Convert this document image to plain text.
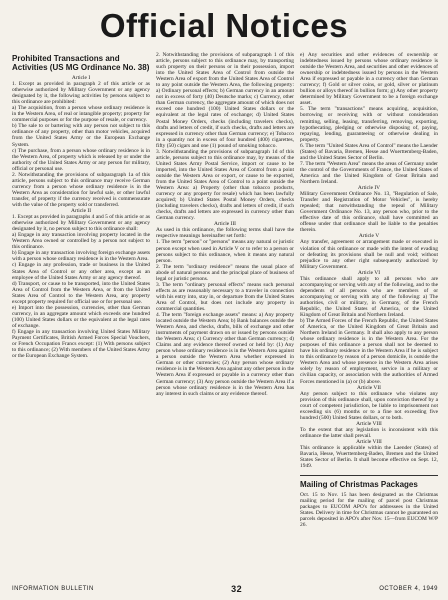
Official Notices
Prohibited Transactions and Activities (US MG Ordinance No. 38)

Article I

1. Except as provided in paragraph 2 of this article or as otherwise authorized by Military Government or any agency designated by it, the following activities by persons subject to this ordinance are prohibited:

a) The acquisition, from a person whose ordinary residence is in the Western Area, of real or intangible property; property for commercial purposes or for the purpose of resale, or currency.

b) The sale to or bartering with any person not subject to this ordinance of any property, other than motor vehicles, acquired from the United States Army or the European Exchange System.

c) The purchase, from a person whose ordinary residence is in the Western Area, of property which is released by or under the authority of the United States Army or any person for military, official or personal use.

2. Notwithstanding the provisions of subparagraph 1a of this article, persons subject to this ordinance may receive German currency from a person whose ordinary residence is in the Western Area as consideration for lawful sale, or other lawful transfer, of property if the currency received is commensurate with the value of the property sold or transferred.

Article II

1. Except as provided in paragraphs 4 and 5 of this article or as otherwise authorized by Military Government or any agency designated by it, no person subject to this ordinance shall:

a) Engage in any transaction involving property located in the Western Area owned or controlled by a person not subject to this ordinance.

b) Engage in any transaction involving foreign exchange assets with a person whose ordinary residence is in the Western Area.

c) Engage in any profession, trade or business in the United States Area of Control or any other area, except as an employee of the United States Army or any agency thereof.

d) Transport, or cause to be transported, into the United States Area of Control from the Western Area, or from the United States Area of Control to the Western Area, any property except property required for official use or for personal use.

e) Import into the possession, currencies, other than German currency, in an aggregate amount which exceeds one hundred (100) United States dollars or the equivalent at the legal rates of exchange.

f) Engage in any transaction involving United States Military Payment Certificates, British Armed Forces Special Vouchers, or French Occupation Francs except: (1) With persons subject to this ordinance; (2) With members of the United States Army or the European Exchange System.

2. Notwithstanding the provisions of subparagraph 1 of this article, persons subject to this ordinance may, by transporting such property on their persons or in their possession, import into the United States Area of Control from outside the Western Area of export from the United States Area of Control to any point outside the Western Area, the following property: a) Ordinary personal effects; b) German currency in an amount not in excess of forty (40) Deutsche marks; c) Currency, other than German currency, the aggregate amount of which does not exceed one hundred (100) United States dollars or the equivalent at the legal rates of exchange; d) United States Postal Money Orders, checks (including travelers checks), drafts and letters of credit, if such checks, drafts and letters are expressed in currency other than German currency; e) Tobacco in a quantity not in excess of four hundred (400) cigarettes, fifty (50) cigars and one (1) pound of smoking tobacco.

3. Notwithstanding the provisions of subparagraph 1d of this article, persons subject to this ordinance may, by means of the United States Army Postal Service, import or cause to be imported, into the United States Area of Control from a point outside the Western Area or export, or cause to be exported, from the United States Area of Control to a point outside the Western Area: a) Property (other than tobacco products, currency or any property for resale) which has been lawfully acquired; b) United States Postal Money Orders, checks (including travelers checks), drafts and letters of credit, if such checks, drafts and letters are expressed in currency other than German currency.

Article III

As used in this ordinance, the following terms shall have the respective meanings hereinafter set forth:

1. The term "person" or "persons" means any natural or juristic person except when used in Article V or to refer to a person or persons subject to this ordinance, when it means any natural person.

2. The term "ordinary residence" means the usual place of abode of natural persons and the principal place of business of legal or juristic persons.

3. The term "ordinary personal effects" means such personal effects as are reasonably necessary to a traveler in connection with his entry into, stay in, or departure from the United States Area of Control, but does not include any property in commercial quantities.

4. The term "foreign exchange assets" means: a) Any property located outside the Western Area; b) Bank balances outside the Western Area, and checks, drafts, bills of exchange and other instruments of payment drawn on or issued by persons outside the Western Area; c) Currency other than German currency; d) Claims and any evidence thereof owned or held by: (1) Any person whose ordinary residence is in the Western Area against a person outside the Western Area whether expressed in German or other currencies; (2) Any person whose ordinary residence is in the Western Area against any other person in the Western Area if expressed or payable in a currency other than German currency; (3) Any person outside the Western Area if a person whose ordinary residence is in the Western Area has any interest in such claims or any evidence thereof.

e) Any securities and other evidences of ownership or indebtedness issued by persons whose ordinary residence is outside the Western Area, and securities and other evidences of ownership or indebtedness issued by persons in the Western Area if expressed or payable in a currency other than German currency; f) Gold or silver coins, or gold, silver or platinum bullion or alloys thereof in bullion form; g) Any other property determined by Military Government to be a foreign exchange asset.

5. The term "transactions" means acquiring, acquisition, borrowing or receiving with or without consideration remitting, selling, leasing, transferring, removing, exporting, hypothecating, pledging or otherwise disposing of, paying, repaying, lending, guaranteeing or otherwise dealing in property.

6. The term "United States Area of Control" means the Laender (States) of Bavaria, Bremen, Hesse and Wuerttemberg-Baden, and the United States Sector of Berlin.

7. The term "Western Area" means the areas of Germany under the control of the Governments of France, the United States of America and the United Kingdom of Great Britain and Northern Ireland.

Article IV

Military Government Ordinance No. 13, "Regulation of Sale, Transfer and Registration of Motor Vehicles", is hereby repealed; that notwithstanding the repeal of Military Government Ordinance No. 13, any person who, prior to the effective date of this ordinance, shall have committed an offense under that ordinance shall be liable to the penalties therein.

Article V

Any transfer, agreement or arrangement made or executed in violation of this ordinance or made with the intent of evading or defeating its provisions shall be null and void; without prejudice to any other right subsequently authorized by Military Government.

Article VI

This ordinance shall apply to all persons who are accompanying or serving with any of the following, and to the dependents of all persons who are members of or accompanying or serving with any of the following: a) The authorities, civil or military, in Germany, of the French Republic, the United States of America, or the United Kingdom of Great Britain and Northern Ireland.

b) The Armed Forces of the French Republic, the United States of America, or the United Kingdom of Great Britain and Northern Ireland in Germany. It shall also apply to any person whose ordinary residence is in the Western Area. For the purposes of this ordinance a person shall not be deemed to have his ordinary residence in the Western Area if he is subject to this ordinance by reason of a person domicile, is outside the Western Area and whose presence in the Western Area arises solely by reason of employment, service in a military or civilian capacity, or association with the authorities of Armed Forces mentioned in (a) or (b) above.

Article VII

Any person subject to this ordinance who violates any provision of this ordinance shall, upon conviction thereof by a court of competent jurisdiction, be liable to imprisonment not exceeding six (6) months or to a fine not exceeding five hundred (500) United States dollars, or to both.

Article VIII

To the extent that any legislation is inconsistent with this ordinance the latter shall prevail.

Article VIII

This ordinance is applicable within the Laender (States) of Bavaria, Hesse, Wuerttemberg-Baden, Bremen and the United States Sector of Berlin. It shall become effective on Sept. 12, 1949.

Mailing of Christmas Packages

Oct. 15 to Nov. 15 has been designated as the Christmas mailing period for the mailing of parcel post Christmas packages to EUCOM APO's for addressees in the United States. Delivery in time for Christmas cannot be guaranteed on parcels deposited in APO's after Nov. 15—from EUCOM W/P 26.

INFORMATION BULLETIN	32	OCTOBER 4, 1949
